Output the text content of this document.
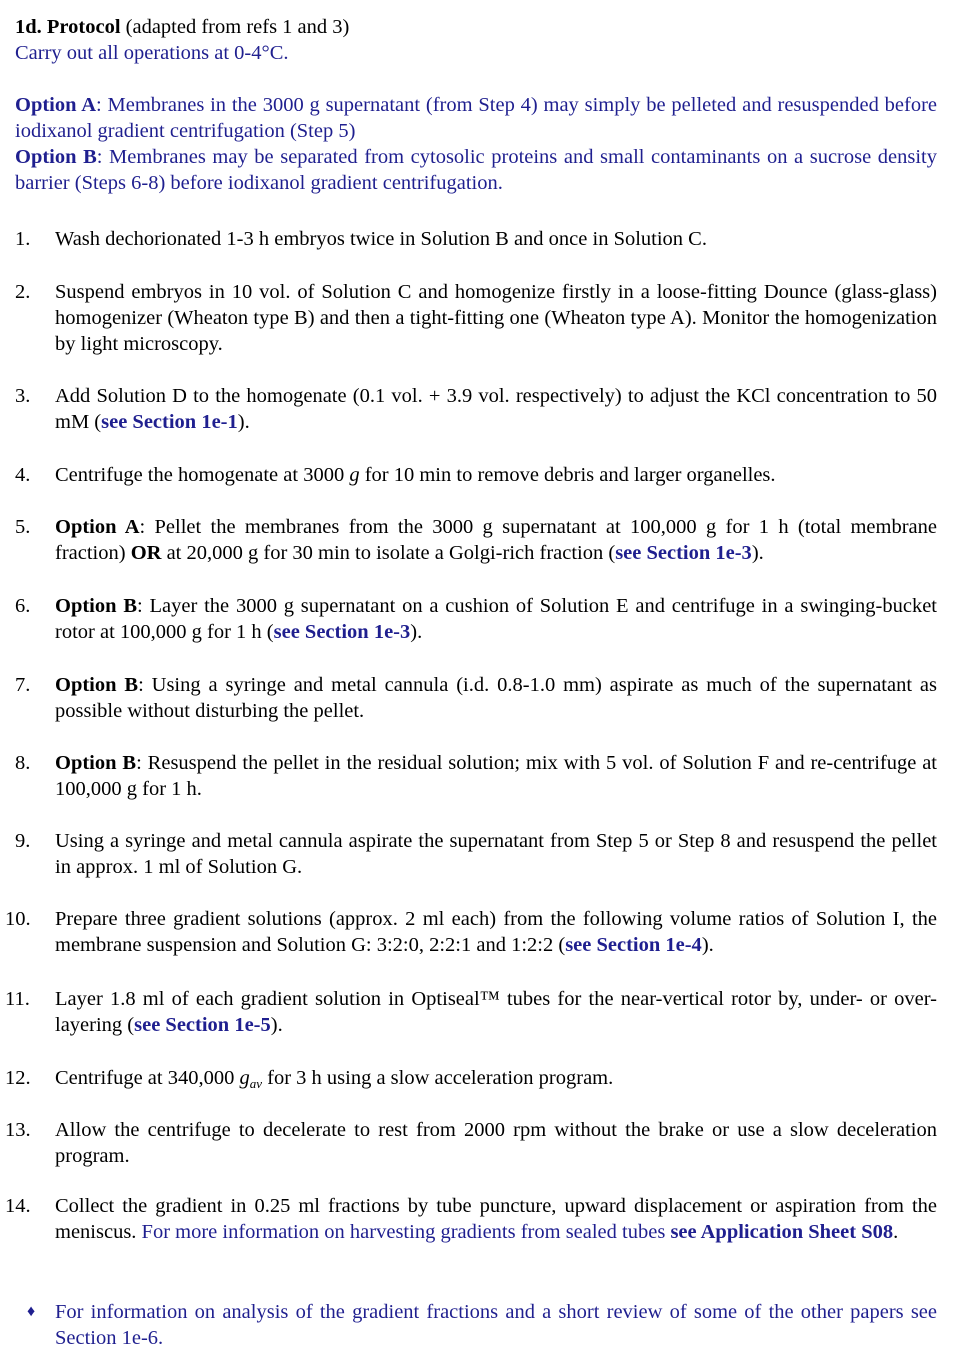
1d. Protocol (adapted from refs 1 and 3)
Carry out all operations at 0-4°C.

Option A: Membranes in the 3000 g supernatant (from Step 4) may simply be pelleted and resuspended before iodixanol gradient centrifugation (Step 5)

Option B: Membranes may be separated from cytosolic proteins and small contaminants on a sucrose density barrier (Steps 6-8) before iodixanol gradient centrifugation.

1.	Wash dechorionated 1-3 h embryos twice in Solution B and once in Solution C.
2.	Suspend embryos in 10 vol. of Solution C and homogenize firstly in a loose-fitting Dounce (glass-glass) homogenizer (Wheaton type B) and then a tight-fitting one (Wheaton type A). Monitor the homogenization by light microscopy.
3.	Add Solution D to the homogenate (0.1 vol. + 3.9 vol. respectively) to adjust the KCl concentration to 50 mM (see Section 1e-1).
4.	Centrifuge the homogenate at 3000 g for 10 min to remove debris and larger organelles.
5.	Option A: Pellet the membranes from the 3000 g supernatant at 100,000 g for 1 h (total membrane fraction) OR at 20,000 g for 30 min to isolate a Golgi-rich fraction (see Section 1e-3).
6.	Option B: Layer the 3000 g supernatant on a cushion of Solution E and centrifuge in a swinging-bucket rotor at 100,000 g for 1 h (see Section 1e-3).
7.	Option B: Using a syringe and metal cannula (i.d. 0.8-1.0 mm) aspirate as much of the supernatant as possible without disturbing the pellet.
8.	Option B: Resuspend the pellet in the residual solution; mix with 5 vol. of Solution F and re-centrifuge at 100,000 g for 1 h.
9.	Using a syringe and metal cannula aspirate the supernatant from Step 5 or Step 8 and resuspend the pellet in approx. 1 ml of Solution G.
10.	Prepare three gradient solutions (approx. 2 ml each) from the following volume ratios of Solution I, the membrane suspension and Solution G: 3:2:0, 2:2:1 and 1:2:2 (see Section 1e-4).
11.	Layer 1.8 ml of each gradient solution in Optiseal™ tubes for the near-vertical rotor by, under- or over-layering (see Section 1e-5).
12.	Centrifuge at 340,000 $g_{av}$ for 3 h using a slow acceleration program.
13.	Allow the centrifuge to decelerate to rest from 2000 rpm without the brake or use a slow deceleration program.
14.	Collect the gradient in 0.25 ml fractions by tube puncture, upward displacement or aspiration from the meniscus. For more information on harvesting gradients from sealed tubes see Application Sheet S08.
♦ For information on analysis of the gradient fractions and a short review of some of the other papers see Section 1e-6.
